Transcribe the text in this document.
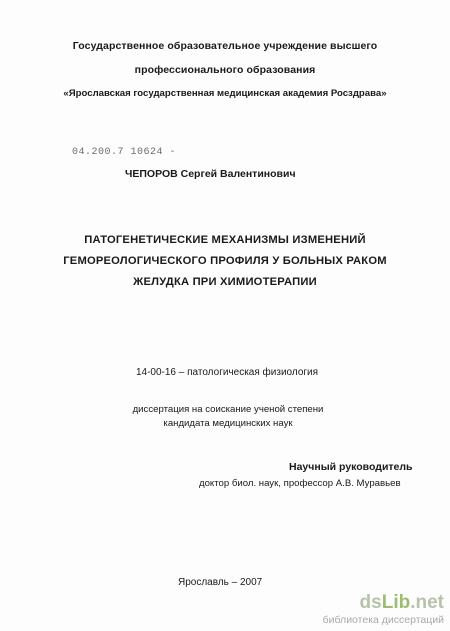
Государственное образовательное учреждение высшего
профессионального образования
«Ярославская государственная медицинская академия Росздрава»
04.200.7 10624 -
ЧЕПОРОВ Сергей Валентинович
ПАТОГЕНЕТИЧЕСКИЕ МЕХАНИЗМЫ ИЗМЕНЕНИЙ
ГЕМОРЕОЛОГИЧЕСКОГО ПРОФИЛЯ У БОЛЬНЫХ РАКОМ
ЖЕЛУДКА ПРИ ХИМИОТЕРАПИИ
14-00-16 – патологическая физиология
диссертация на соискание ученой степени
кандидата медицинских наук
Научный руководитель
доктор биол. наук, профессор А.В. Муравьев
Ярославль – 2007
dsLib.net
библиотека диссертаций
